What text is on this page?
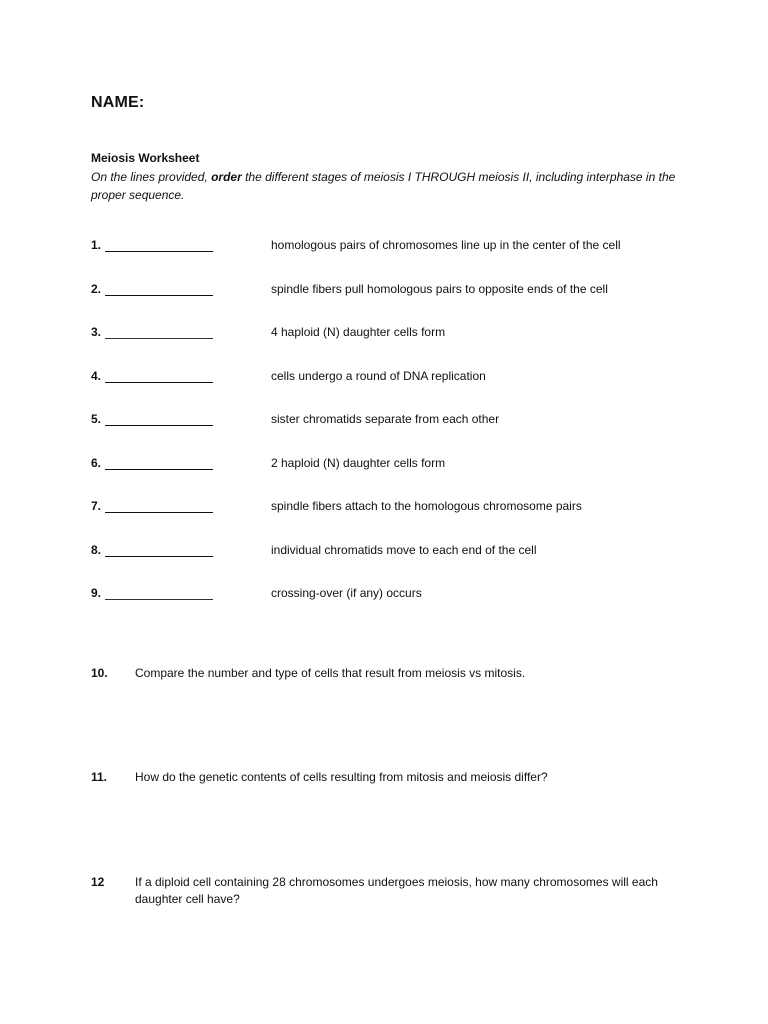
NAME:
Meiosis Worksheet
On the lines provided, order the different stages of meiosis I THROUGH meiosis II, including interphase in the proper sequence.
1.	homologous pairs of chromosomes line up in the center of the cell
2.	spindle fibers pull homologous pairs to opposite ends of the cell
3.	4 haploid (N) daughter cells form
4.	cells undergo a round of DNA replication
5.	sister chromatids separate from each other
6.	2 haploid (N) daughter cells form
7.	spindle fibers attach to the homologous chromosome pairs
8.	individual chromatids move to each end of the cell
9.	crossing-over (if any) occurs
10. Compare the number and type of cells that result from meiosis vs mitosis.
11. How do the genetic contents of cells resulting from mitosis and meiosis differ?
12	If a diploid cell containing 28 chromosomes undergoes meiosis, how many chromosomes will each daughter cell have?
